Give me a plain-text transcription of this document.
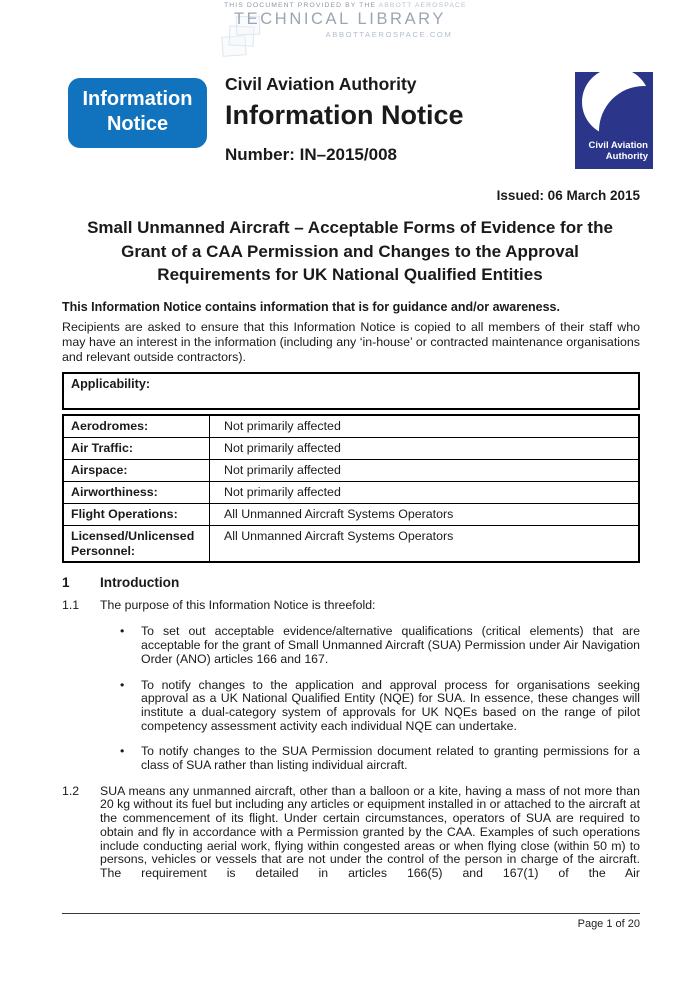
THIS DOCUMENT PROVIDED BY THE ABBOTT AEROSPACE
TECHNICAL LIBRARY
ABBOTTAEROSPACE.COM
Information
Notice
Civil Aviation Authority
Information Notice
Number: IN–2015/008	Civil Aviation
Authority
Issued: 06 March 2015
Small Unmanned Aircraft – Acceptable Forms of Evidence for the Grant of a CAA Permission and Changes to the Approval Requirements for UK National Qualified Entities
This Information Notice contains information that is for guidance and/or awareness.
Recipients are asked to ensure that this Information Notice is copied to all members of their staff who may have an interest in the information (including any ‘in-house’ or contracted maintenance organisations and relevant outside contractors).
Applicability:
Aerodromes:	Not primarily affected
Air Traffic:	Not primarily affected
Airspace:	Not primarily affected
Airworthiness:	Not primarily affected
Flight Operations:	All Unmanned Aircraft Systems Operators
Licensed/Unlicensed Personnel:
All Unmanned Aircraft Systems Operators
1	Introduction
1.1	The purpose of this Information Notice is threefold:
•	To set out acceptable evidence/alternative qualifications (critical elements) that are acceptable for the grant of Small Unmanned Aircraft (SUA) Permission under Air Navigation Order (ANO) articles 166 and 167.
•	To notify changes to the application and approval process for organisations seeking approval as a UK National Qualified Entity (NQE) for SUA. In essence, these changes will institute a dual-category system of approvals for UK NQEs based on the range of pilot competency assessment activity each individual NQE can undertake.
•	To notify changes to the SUA Permission document related to granting permissions for a class of SUA rather than listing individual aircraft.
1.2	SUA means any unmanned aircraft, other than a balloon or a kite, having a mass of not more than 20 kg without its fuel but including any articles or equipment installed in or attached to the aircraft at the commencement of its flight. Under certain circumstances, operators of SUA are required to obtain and fly in accordance with a Permission granted by the CAA. Examples of such operations include conducting aerial work, flying within congested areas or when flying close (within 50 m) to persons, vehicles or vessels that are not under the control of the person in charge of the aircraft. The requirement is detailed in articles 166(5) and 167(1) of the Air
Page 1 of 20
